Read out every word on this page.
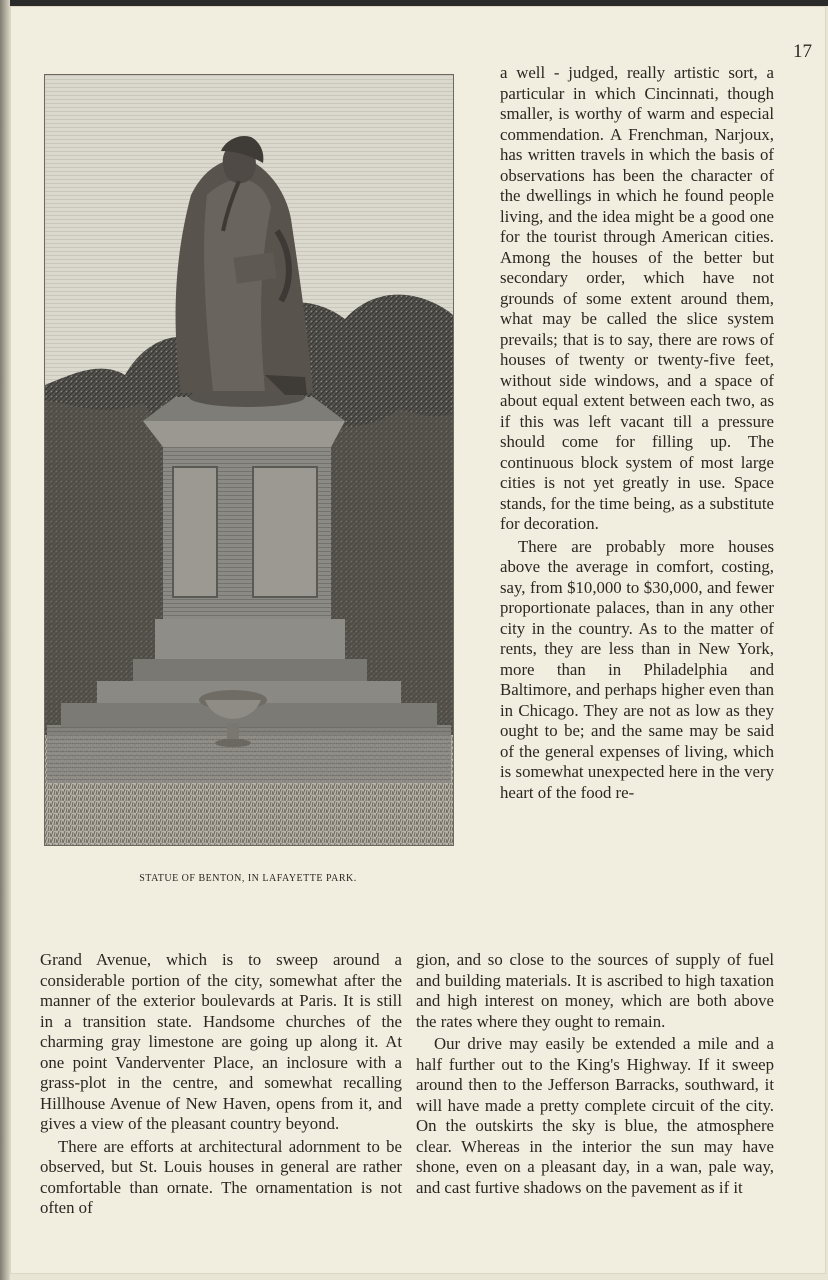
17
STATUE OF BENTON, IN LAFAYETTE PARK.

a well - judged, really artistic sort, a particular in which Cincinnati, though smaller, is worthy of warm and especial commendation. A Frenchman, Narjoux, has written travels in which the basis of observations has been the character of the dwellings in which he found people living, and the idea might be a good one for the tourist through American cities. Among the houses of the better but secondary order, which have not grounds of some extent around them, what may be called the slice system prevails; that is to say, there are rows of houses of twenty or twenty-five feet, without side windows, and a space of about equal extent between each two, as if this was left vacant till a pressure should come for filling up. The continuous block system of most large cities is not yet greatly in use. Space stands, for the time being, as a substitute for decoration.

There are probably more houses above the average in comfort, costing, say, from $10,000 to $30,000, and fewer proportionate palaces, than in any other city in the country. As to the matter of rents, they are less than in New York, more than in Philadelphia and Baltimore, and perhaps higher even than in Chicago. They are not as low as they ought to be; and the same may be said of the general expenses of living, which is somewhat unexpected here in the very heart of the food re-

Grand Avenue, which is to sweep around a considerable portion of the city, somewhat after the manner of the exterior boulevards at Paris. It is still in a transition state. Handsome churches of the charming gray limestone are going up along it. At one point Vanderventer Place, an inclosure with a grass-plot in the centre, and somewhat recalling Hillhouse Avenue of New Haven, opens from it, and gives a view of the pleasant country beyond.

There are efforts at architectural adornment to be observed, but St. Louis houses in general are rather comfortable than ornate. The ornamentation is not often of

gion, and so close to the sources of supply of fuel and building materials. It is ascribed to high taxation and high interest on money, which are both above the rates where they ought to remain.

Our drive may easily be extended a mile and a half further out to the King's Highway. If it sweep around then to the Jefferson Barracks, southward, it will have made a pretty complete circuit of the city. On the outskirts the sky is blue, the atmosphere clear. Whereas in the interior the sun may have shone, even on a pleasant day, in a wan, pale way, and cast furtive shadows on the pavement as if it
